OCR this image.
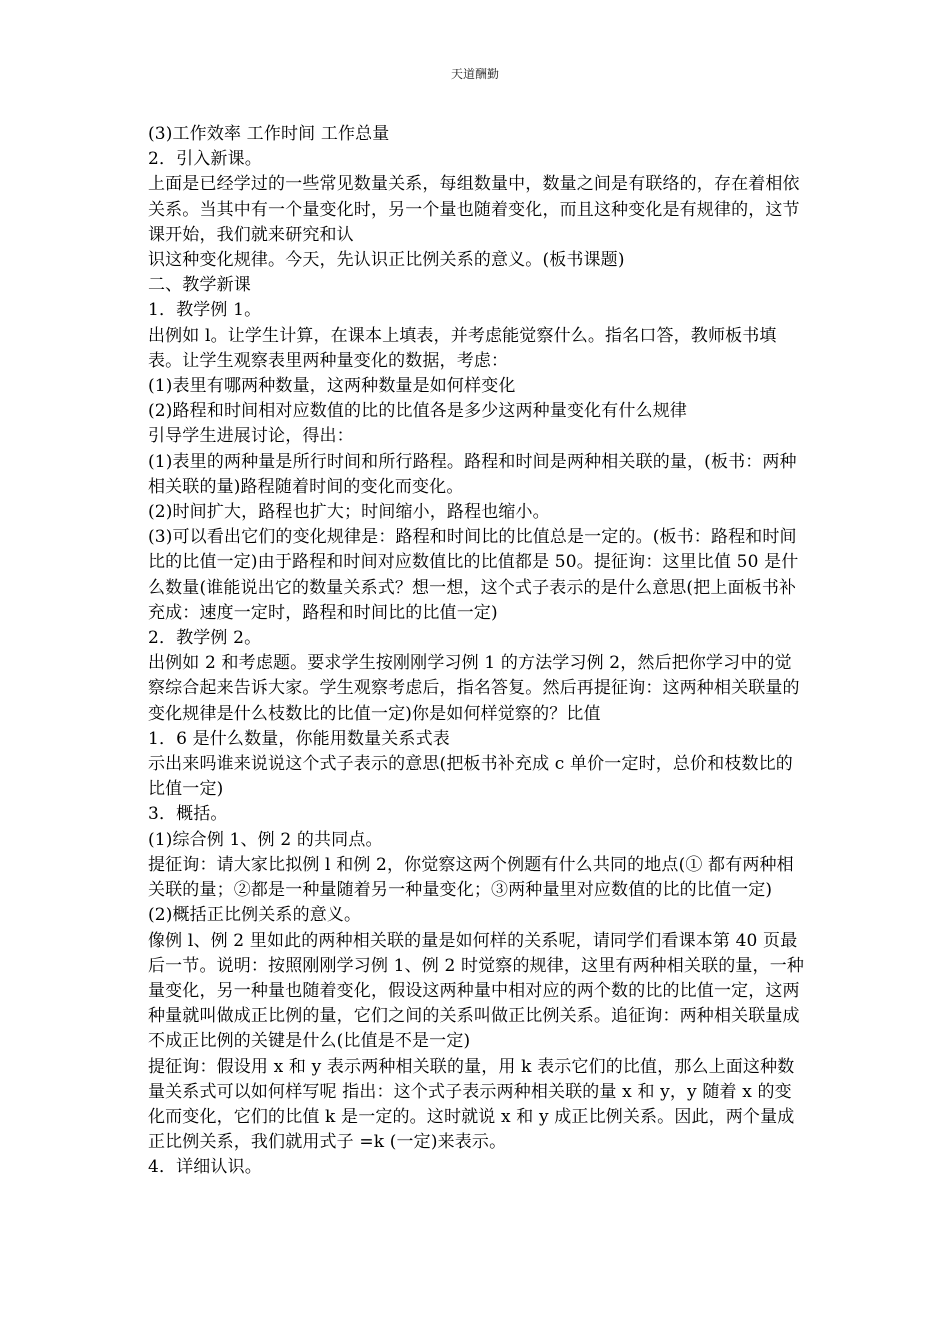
天道酬勤

(3)工作效率 工作时间 工作总量

2．引入新课。

上面是已经学过的一些常见数量关系，每组数量中，数量之间是有联络的，存在着相依关系。当其中有一个量变化时，另一个量也随着变化，而且这种变化是有规律的，这节课开始，我们就来研究和认

识这种变化规律。今天，先认识正比例关系的意义。(板书课题)

二、教学新课

1．教学例 1。

出例如 l。让学生计算，在课本上填表，并考虑能觉察什么。指名口答，教师板书填表。让学生观察表里两种量变化的数据，考虑：

(1)表里有哪两种数量，这两种数量是如何样变化

(2)路程和时间相对应数值的比的比值各是多少这两种量变化有什么规律

引导学生进展讨论，得出：

(1)表里的两种量是所行时间和所行路程。路程和时间是两种相关联的量，(板书：两种相关联的量)路程随着时间的变化而变化。

(2)时间扩大，路程也扩大；时间缩小，路程也缩小。

(3)可以看出它们的变化规律是：路程和时间比的比值总是一定的。(板书：路程和时间比的比值一定)由于路程和时间对应数值比的比值都是 50。提征询：这里比值 50 是什么数量(谁能说出它的数量关系式？想一想，这个式子表示的是什么意思(把上面板书补充成：速度一定时，路程和时间比的比值一定)

2．教学例 2。

出例如 2 和考虑题。要求学生按刚刚学习例 1 的方法学习例 2，然后把你学习中的觉察综合起来告诉大家。学生观察考虑后，指名答复。然后再提征询：这两种相关联量的变化规律是什么枝数比的比值一定)你是如何样觉察的？比值

1．6 是什么数量，你能用数量关系式表

示出来吗谁来说说这个式子表示的意思(把板书补充成 c 单价一定时，总价和枝数比的比值一定)

3．概括。

(1)综合例 1、例 2 的共同点。

提征询：请大家比拟例 l 和例 2，你觉察这两个例题有什么共同的地点(① 都有两种相关联的量；②都是一种量随着另一种量变化；③两种量里对应数值的比的比值一定)

(2)概括正比例关系的意义。

像例 l、例 2 里如此的两种相关联的量是如何样的关系呢，请同学们看课本第 40 页最后一节。说明：按照刚刚学习例 1、例 2 时觉察的规律，这里有两种相关联的量，一种量变化，另一种量也随着变化，假设这两种量中相对应的两个数的比的比值一定，这两种量就叫做成正比例的量，它们之间的关系叫做正比例关系。追征询：两种相关联量成不成正比例的关键是什么(比值是不是一定)

提征询：假设用 x 和 y 表示两种相关联的量，用 k 表示它们的比值，那么上面这种数量关系式可以如何样写呢 指出：这个式子表示两种相关联的量 x 和 y，y 随着 x 的变化而变化，它们的比值 k 是一定的。这时就说 x 和 y 成正比例关系。因此，两个量成正比例关系，我们就用式子 =k (一定)来表示。

4．详细认识。
